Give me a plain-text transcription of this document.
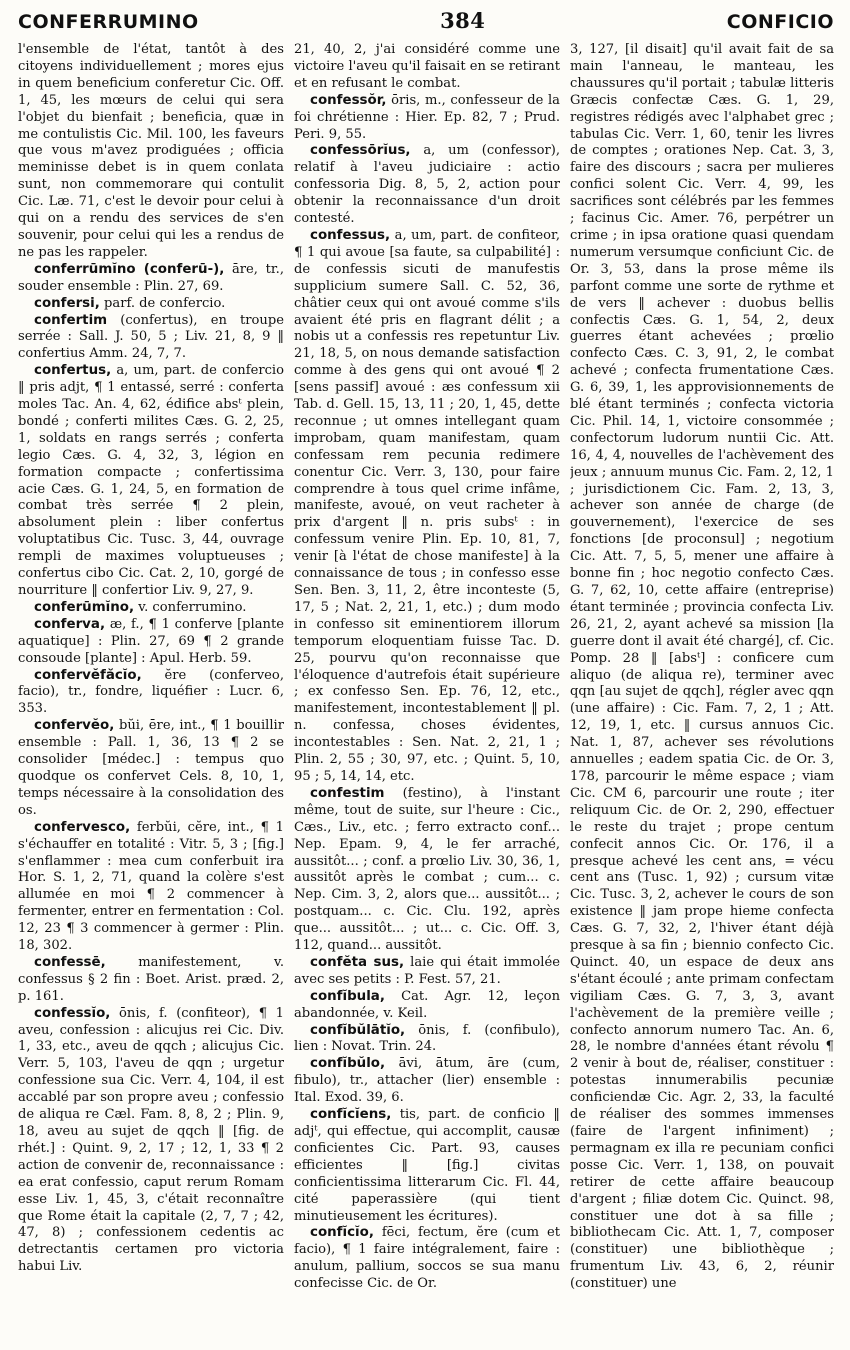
CONFERRUMINO	384	CONFICIO

l'ensemble de l'état, tantôt à des citoyens individuellement ; mores ejus in quem beneficium conferetur Cic. Off. 1, 45, les mœurs de celui qui sera l'objet du bienfait ; beneficia, quæ in me contulistis Cic. Mil. 100, les faveurs que vous m'avez prodiguées ; officia meminisse debet is in quem conlata sunt, non commemorare qui contulit Cic. Læ. 71, c'est le devoir pour celui à qui on a rendu des services de s'en souvenir, pour celui qui les a rendus de ne pas les rappeler.

conferrūmĭno (conferū-), āre, tr., souder ensemble : Plin. 27, 69.

confersi, parf. de confercio.

confertim (confertus), en troupe serrée : Sall. J. 50, 5 ; Liv. 21, 8, 9 ‖ confertius Amm. 24, 7, 7.

confertus, a, um, part. de confercio ‖ pris adjt, ¶ 1 entassé, serré : conferta moles Tac. An. 4, 62, édifice absᵗ plein, bondé ; conferti milites Cæs. G. 2, 25, 1, soldats en rangs serrés ; conferta legio Cæs. G. 4, 32, 3, légion en formation compacte ; confertissima acie Cæs. G. 1, 24, 5, en formation de combat très serrée ¶ 2 plein, absolument plein : liber confertus voluptatibus Cic. Tusc. 3, 44, ouvrage rempli de maximes voluptueuses ; confertus cibo Cic. Cat. 2, 10, gorgé de nourriture ‖ confertior Liv. 9, 27, 9.

conferūmĭno, v. conferrumino.

conferva, æ, f., ¶ 1 conferve [plante aquatique] : Plin. 27, 69 ¶ 2 grande consoude [plante] : Apul. Herb. 59.

confervĕfăcĭo, ĕre (conferveo, facio), tr., fondre, liquéfier : Lucr. 6, 353.

confervĕo, bŭi, ēre, int., ¶ 1 bouillir ensemble : Pall. 1, 36, 13 ¶ 2 se consolider [médec.] : tempus quo quodque os confervet Cels. 8, 10, 1, temps nécessaire à la consolidation des os.

confervesco, ferbŭi, cĕre, int., ¶ 1 s'échauffer en totalité : Vitr. 5, 3 ; [fig.] s'enflammer : mea cum conferbuit ira Hor. S. 1, 2, 71, quand la colère s'est allumée en moi ¶ 2 commencer à fermenter, entrer en fermentation : Col. 12, 23 ¶ 3 commencer à germer : Plin. 18, 302.

confessē, manifestement, v. confessus § 2 fin : Boet. Arist. præd. 2, p. 161.

confessĭo, ōnis, f. (confiteor), ¶ 1 aveu, confession : alicujus rei Cic. Div. 1, 33, etc., aveu de qqch ; alicujus Cic. Verr. 5, 103, l'aveu de qqn ; urgetur confessione sua Cic. Verr. 4, 104, il est accablé par son propre aveu ; confessio de aliqua re Cæl. Fam. 8, 8, 2 ; Plin. 9, 18, aveu au sujet de qqch ‖ [fig. de rhét.] : Quint. 9, 2, 17 ; 12, 1, 33 ¶ 2 action de convenir de, reconnaissance : ea erat confessio, caput rerum Romam esse Liv. 1, 45, 3, c'était reconnaître que Rome était la capitale (2, 7, 7 ; 42, 47, 8) ; confessionem cedentis ac detrectantis certamen pro victoria habui Liv.

21, 40, 2, j'ai considéré comme une victoire l'aveu qu'il faisait en se retirant et en refusant le combat.

confessŏr, ōris, m., confesseur de la foi chrétienne : Hier. Ep. 82, 7 ; Prud. Peri. 9, 55.

confessōrĭus, a, um (confessor), relatif à l'aveu judiciaire : actio confessoria Dig. 8, 5, 2, action pour obtenir la reconnaissance d'un droit contesté.

confessus, a, um, part. de confiteor, ¶ 1 qui avoue [sa faute, sa culpabilité] : de confessis sicuti de manufestis supplicium sumere Sall. C. 52, 36, châtier ceux qui ont avoué comme s'ils avaient été pris en flagrant délit ; a nobis ut a confessis res repetuntur Liv. 21, 18, 5, on nous demande satisfaction comme à des gens qui ont avoué ¶ 2 [sens passif] avoué : æs confessum xii Tab. d. Gell. 15, 13, 11 ; 20, 1, 45, dette reconnue ; ut omnes intellegant quam improbam, quam manifestam, quam confessam rem pecunia redimere conentur Cic. Verr. 3, 130, pour faire comprendre à tous quel crime infâme, manifeste, avoué, on veut racheter à prix d'argent ‖ n. pris subsᵗ : in confessum venire Plin. Ep. 10, 81, 7, venir [à l'état de chose manifeste] à la connaissance de tous ; in confesso esse Sen. Ben. 3, 11, 2, être inconteste (5, 17, 5 ; Nat. 2, 21, 1, etc.) ; dum modo in confesso sit eminentiorem illorum temporum eloquentiam fuisse Tac. D. 25, pourvu qu'on reconnaisse que l'éloquence d'autrefois était supérieure ; ex confesso Sen. Ep. 76, 12, etc., manifestement, incontestablement ‖ pl. n. confessa, choses évidentes, incontestables : Sen. Nat. 2, 21, 1 ; Plin. 2, 55 ; 30, 97, etc. ; Quint. 5, 10, 95 ; 5, 14, 14, etc.

confestim (festino), à l'instant même, tout de suite, sur l'heure : Cic., Cæs., Liv., etc. ; ferro extracto conf... Nep. Epam. 9, 4, le fer arraché, aussitôt... ; conf. a prœlio Liv. 30, 36, 1, aussitôt après le combat ; cum... c. Nep. Cim. 3, 2, alors que... aussitôt... ; postquam... c. Cic. Clu. 192, après que... aussitôt... ; ut... c. Cic. Off. 3, 112, quand... aussitôt.

confĕta sus, laie qui était immolée avec ses petits : P. Fest. 57, 21.

confĭbula, Cat. Agr. 12, leçon abandonnée, v. Keil.

confĭbŭlātĭo, ōnis, f. (confibulo), lien : Novat. Trin. 24.

confĭbŭlo, āvi, ātum, āre (cum, fibulo), tr., attacher (lier) ensemble : Ital. Exod. 39, 6.

confĭcĭens, tis, part. de conficio ‖ adjᵗ, qui effectue, qui accomplit, causæ conficientes Cic. Part. 93, causes efficientes ‖ [fig.] civitas conficientissima litterarum Cic. Fl. 44, cité paperassière (qui tient minutieusement les écritures).

confĭcĭo, fēci, fectum, ĕre (cum et facio), ¶ 1 faire intégralement, faire : anulum, pallium, soccos se sua manu confecisse Cic. de Or.

3, 127, [il disait] qu'il avait fait de sa main l'anneau, le manteau, les chaussures qu'il portait ; tabulæ litteris Græcis confectæ Cæs. G. 1, 29, registres rédigés avec l'alphabet grec ; tabulas Cic. Verr. 1, 60, tenir les livres de comptes ; orationes Nep. Cat. 3, 3, faire des discours ; sacra per mulieres confici solent Cic. Verr. 4, 99, les sacrifices sont célébrés par les femmes ; facinus Cic. Amer. 76, perpétrer un crime ; in ipsa oratione quasi quendam numerum versumque conficiunt Cic. de Or. 3, 53, dans la prose même ils parfont comme une sorte de rythme et de vers ‖ achever : duobus bellis confectis Cæs. G. 1, 54, 2, deux guerres étant achevées ; prœlio confecto Cæs. C. 3, 91, 2, le combat achevé ; confecta frumentatione Cæs. G. 6, 39, 1, les approvisionnements de blé étant terminés ; confecta victoria Cic. Phil. 14, 1, victoire consommée ; confectorum ludorum nuntii Cic. Att. 16, 4, 4, nouvelles de l'achèvement des jeux ; annuum munus Cic. Fam. 2, 12, 1 ; jurisdictionem Cic. Fam. 2, 13, 3, achever son année de charge (de gouvernement), l'exercice de ses fonctions [de proconsul] ; negotium Cic. Att. 7, 5, 5, mener une affaire à bonne fin ; hoc negotio confecto Cæs. G. 7, 62, 10, cette affaire (entreprise) étant terminée ; provincia confecta Liv. 26, 21, 2, ayant achevé sa mission [la guerre dont il avait été chargé], cf. Cic. Pomp. 28 ‖ [absᵗ] : conficere cum aliquo (de aliqua re), terminer avec qqn [au sujet de qqch], régler avec qqn (une affaire) : Cic. Fam. 7, 2, 1 ; Att. 12, 19, 1, etc. ‖ cursus annuos Cic. Nat. 1, 87, achever ses révolutions annuelles ; eadem spatia Cic. de Or. 3, 178, parcourir le même espace ; viam Cic. CM 6, parcourir une route ; iter reliquum Cic. de Or. 2, 290, effectuer le reste du trajet ; prope centum confecit annos Cic. Or. 176, il a presque achevé les cent ans, = vécu cent ans (Tusc. 1, 92) ; cursum vitæ Cic. Tusc. 3, 2, achever le cours de son existence ‖ jam prope hieme confecta Cæs. G. 7, 32, 2, l'hiver étant déjà presque à sa fin ; biennio confecto Cic. Quinct. 40, un espace de deux ans s'étant écoulé ; ante primam confectam vigiliam Cæs. G. 7, 3, 3, avant l'achèvement de la première veille ; confecto annorum numero Tac. An. 6, 28, le nombre d'années étant révolu ¶ 2 venir à bout de, réaliser, constituer : potestas innumerabilis pecuniæ conficiendæ Cic. Agr. 2, 33, la faculté de réaliser des sommes immenses (faire de l'argent infiniment) ; permagnam ex illa re pecuniam confici posse Cic. Verr. 1, 138, on pouvait retirer de cette affaire beaucoup d'argent ; filiæ dotem Cic. Quinct. 98, constituer une dot à sa fille ; bibliothecam Cic. Att. 1, 7, composer (constituer) une bibliothèque ; frumentum Liv. 43, 6, 2, réunir (constituer) une
